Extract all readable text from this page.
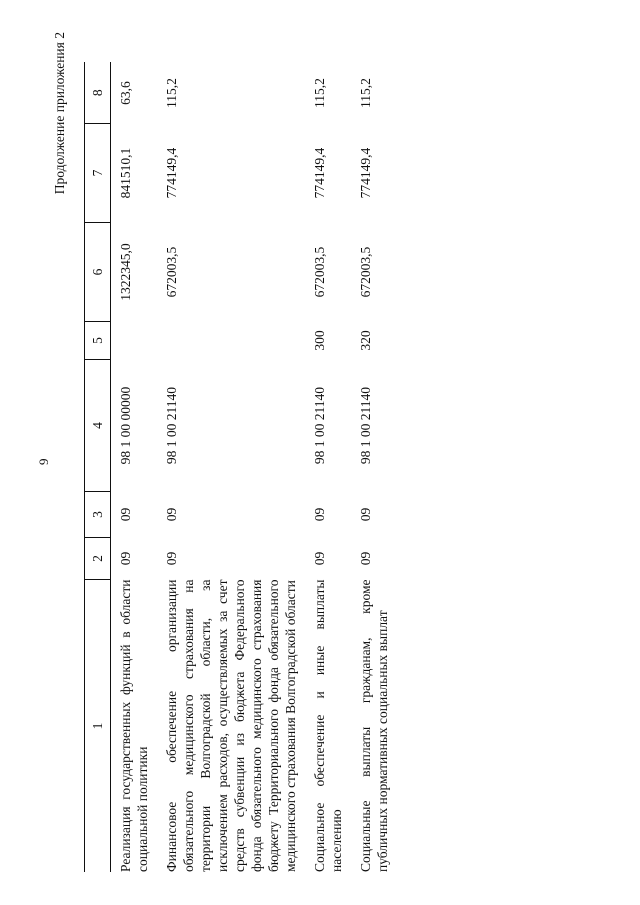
9
Продолжение приложения 2
1	2	3	4	5	6	7	8
Реализация государственных функций в области социальной политики	09	09	98 1 00 00000		1322345,0	841510,1	63,6
Финансовое обеспечение организации обязательного медицинского страхования на территории Волгоградской области, за исключением расходов, осуществляемых за счет средств субвенции из бюджета Федерального фонда обязательного медицинского страхования бюджету Территориального фонда обязательного медицинского страхования Волгоградской области	09	09	98 1 00 21140		672003,5	774149,4	115,2
Социальное обеспечение и иные выплаты населению	09	09	98 1 00 21140	300	672003,5	774149,4	115,2
Социальные выплаты гражданам, кроме публичных нормативных социальных выплат	09	09	98 1 00 21140	320	672003,5	774149,4	115,2
